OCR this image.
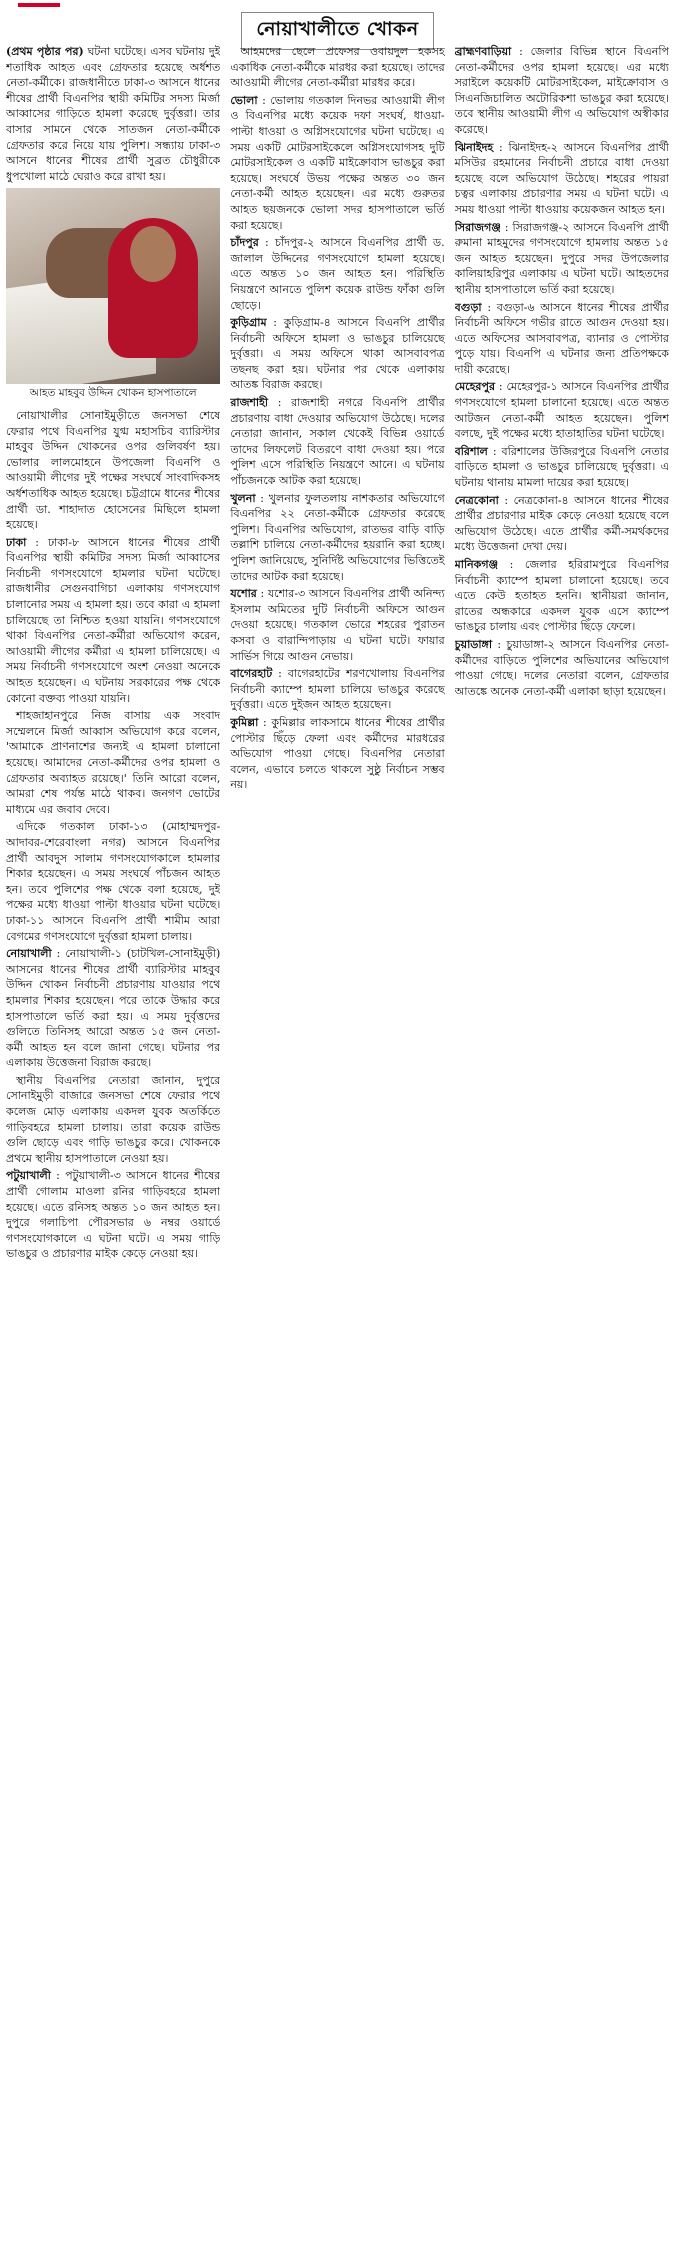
নোয়াখালীতে খোকন

(প্রথম পৃষ্ঠার পর) ঘটনা ঘটেছে। এসব ঘটনায় দুই শতাধিক আহত এবং গ্রেফতার হয়েছে অর্ধশত নেতা-কর্মীকে। রাজধানীতে ঢাকা-৩ আসনে ধানের শীষের প্রার্থী বিএনপির স্থায়ী কমিটির সদস্য মির্জা আব্বাসের গাড়িতে হামলা করেছে দুর্বৃত্তরা। তার বাসার সামনে থেকে সাতজন নেতা-কর্মীকে গ্রেফতার করে নিয়ে যায় পুলিশ। সন্ধ্যায় ঢাকা-৩ আসনে ধানের শীষের প্রার্থী সুব্রত চৌধুরীকে ধুপখোলা মাঠে ঘেরাও করে রাখা হয়।

আহত মাহবুব উদ্দিন খোকন হাসপাতালে

নোয়াখালীর সোনাইমুড়ীতে জনসভা শেষে ফেরার পথে বিএনপির যুগ্ম মহাসচিব ব্যারিস্টার মাহবুব উদ্দিন খোকনের ওপর গুলিবর্ষণ হয়। ভোলার লালমোহনে উপজেলা বিএনপি ও আওয়ামী লীগের দুই পক্ষের সংঘর্ষে সাংবাদিকসহ অর্ধশতাধিক আহত হয়েছে। চট্টগ্রামে ধানের শীষের প্রার্থী ডা. শাহাদাত হোসেনের মিছিলে হামলা হয়েছে।

ঢাকা : ঢাকা-৮ আসনে ধানের শীষের প্রার্থী বিএনপির স্থায়ী কমিটির সদস্য মির্জা আব্বাসের নির্বাচনী গণসংযোগে হামলার ঘটনা ঘটেছে। রাজধানীর সেগুনবাগিচা এলাকায় গণসংযোগ চালানোর সময় এ হামলা হয়। তবে কারা এ হামলা চালিয়েছে তা নিশ্চিত হওয়া যায়নি। গণসংযোগে থাকা বিএনপির নেতা-কর্মীরা অভিযোগ করেন, আওয়ামী লীগের কর্মীরা এ হামলা চালিয়েছে। এ সময় নির্বাচনী গণসংযোগে অংশ নেওয়া অনেকে আহত হয়েছেন। এ ঘটনায় সরকারের পক্ষ থেকে কোনো বক্তব্য পাওয়া যায়নি।

শাহজাহানপুরে নিজ বাসায় এক সংবাদ সম্মেলনে মির্জা আব্বাস অভিযোগ করে বলেন, 'আমাকে প্রাণনাশের জন্যই এ হামলা চালানো হয়েছে। আমাদের নেতা-কর্মীদের ওপর হামলা ও গ্রেফতার অব্যাহত রয়েছে।' তিনি আরো বলেন, আমরা শেষ পর্যন্ত মাঠে থাকব। জনগণ ভোটের মাধ্যমে এর জবাব দেবে।

এদিকে গতকাল ঢাকা-১৩ (মোহাম্মদপুর-আদাবর-শেরেবাংলা নগর) আসনে বিএনপির প্রার্থী আবদুস সালাম গণসংযোগকালে হামলার শিকার হয়েছেন। এ সময় সংঘর্ষে পাঁচজন আহত হন। তবে পুলিশের পক্ষ থেকে বলা হয়েছে, দুই পক্ষের মধ্যে ধাওয়া পাল্টা ধাওয়ার ঘটনা ঘটেছে। ঢাকা-১১ আসনে বিএনপি প্রার্থী শামীম আরা বেগমের গণসংযোগে দুর্বৃত্তরা হামলা চালায়।

নোয়াখালী : নোয়াখালী-১ (চাটখিল-সোনাইমুড়ী) আসনের ধানের শীষের প্রার্থী ব্যারিস্টার মাহবুব উদ্দিন খোকন নির্বাচনী প্রচারণায় যাওয়ার পথে হামলার শিকার হয়েছেন। পরে তাকে উদ্ধার করে হাসপাতালে ভর্তি করা হয়। এ সময় দুর্বৃত্তদের গুলিতে তিনিসহ আরো অন্তত ১৫ জন নেতা-কর্মী আহত হন বলে জানা গেছে। ঘটনার পর এলাকায় উত্তেজনা বিরাজ করছে।

স্থানীয় বিএনপির নেতারা জানান, দুপুরে সোনাইমুড়ী বাজারে জনসভা শেষে ফেরার পথে কলেজ মোড় এলাকায় একদল যুবক অতর্কিতে গাড়িবহরে হামলা চালায়। তারা কয়েক রাউন্ড গুলি ছোড়ে এবং গাড়ি ভাঙচুর করে। খোকনকে প্রথমে স্থানীয় হাসপাতালে নেওয়া হয়।

পটুয়াখালী : পটুয়াখালী-৩ আসনে ধানের শীষের প্রার্থী গোলাম মাওলা রনির গাড়িবহরে হামলা হয়েছে। এতে রনিসহ অন্তত ১০ জন আহত হন। দুপুরে গলাচিপা পৌরসভার ৬ নম্বর ওয়ার্ডে গণসংযোগকালে এ ঘটনা ঘটে। এ সময় গাড়ি ভাঙচুর ও প্রচারণার মাইক কেড়ে নেওয়া হয়।

আহমদের ছেলে প্রফেসর ওবায়দুল হকসহ একাধিক নেতা-কর্মীকে মারধর করা হয়েছে। তাদের আওয়ামী লীগের নেতা-কর্মীরা মারধর করে।

ভোলা : ভোলায় গতকাল দিনভর আওয়ামী লীগ ও বিএনপির মধ্যে কয়েক দফা সংঘর্ষ, ধাওয়া-পাল্টা ধাওয়া ও অগ্নিসংযোগের ঘটনা ঘটেছে। এ সময় একটি মোটরসাইকেলে অগ্নিসংযোগসহ দুটি মোটরসাইকেল ও একটি মাইক্রোবাস ভাঙচুর করা হয়েছে। সংঘর্ষে উভয় পক্ষের অন্তত ৩০ জন নেতা-কর্মী আহত হয়েছেন। এর মধ্যে গুরুতর আহত ছয়জনকে ভোলা সদর হাসপাতালে ভর্তি করা হয়েছে।

চাঁদপুর : চাঁদপুর-২ আসনে বিএনপির প্রার্থী ড. জালাল উদ্দিনের গণসংযোগে হামলা হয়েছে। এতে অন্তত ১০ জন আহত হন। পরিস্থিতি নিয়ন্ত্রণে আনতে পুলিশ কয়েক রাউন্ড ফাঁকা গুলি ছোড়ে।

কুড়িগ্রাম : কুড়িগ্রাম-৪ আসনে বিএনপি প্রার্থীর নির্বাচনী অফিসে হামলা ও ভাঙচুর চালিয়েছে দুর্বৃত্তরা। এ সময় অফিসে থাকা আসবাবপত্র তছনছ করা হয়। ঘটনার পর থেকে এলাকায় আতঙ্ক বিরাজ করছে।

রাজশাহী : রাজশাহী নগরে বিএনপি প্রার্থীর প্রচারণায় বাধা দেওয়ার অভিযোগ উঠেছে। দলের নেতারা জানান, সকাল থেকেই বিভিন্ন ওয়ার্ডে তাদের লিফলেট বিতরণে বাধা দেওয়া হয়। পরে পুলিশ এসে পরিস্থিতি নিয়ন্ত্রণে আনে। এ ঘটনায় পাঁচজনকে আটক করা হয়েছে।

খুলনা : খুলনার ফুলতলায় নাশকতার অভিযোগে বিএনপির ২২ নেতা-কর্মীকে গ্রেফতার করেছে পুলিশ। বিএনপির অভিযোগ, রাতভর বাড়ি বাড়ি তল্লাশি চালিয়ে নেতা-কর্মীদের হয়রানি করা হচ্ছে। পুলিশ জানিয়েছে, সুনির্দিষ্ট অভিযোগের ভিত্তিতেই তাদের আটক করা হয়েছে।

যশোর : যশোর-৩ আসনে বিএনপির প্রার্থী অনিন্দ্য ইসলাম অমিতের দুটি নির্বাচনী অফিসে আগুন দেওয়া হয়েছে। গতকাল ভোরে শহরের পুরাতন কসবা ও বারান্দিপাড়ায় এ ঘটনা ঘটে। ফায়ার সার্ভিস গিয়ে আগুন নেভায়।

বাগেরহাট : বাগেরহাটের শরণখোলায় বিএনপির নির্বাচনী ক্যাম্পে হামলা চালিয়ে ভাঙচুর করেছে দুর্বৃত্তরা। এতে দুইজন আহত হয়েছেন।

কুমিল্লা : কুমিল্লার লাকসামে ধানের শীষের প্রার্থীর পোস্টার ছিঁড়ে ফেলা এবং কর্মীদের মারধরের অভিযোগ পাওয়া গেছে। বিএনপির নেতারা বলেন, এভাবে চলতে থাকলে সুষ্ঠু নির্বাচন সম্ভব নয়।

ব্রাহ্মণবাড়িয়া : জেলার বিভিন্ন স্থানে বিএনপি নেতা-কর্মীদের ওপর হামলা হয়েছে। এর মধ্যে সরাইলে কয়েকটি মোটরসাইকেল, মাইক্রোবাস ও সিএনজিচালিত অটোরিকশা ভাঙচুর করা হয়েছে। তবে স্থানীয় আওয়ামী লীগ এ অভিযোগ অস্বীকার করেছে।

ঝিনাইদহ : ঝিনাইদহ-২ আসনে বিএনপির প্রার্থী মসিউর রহমানের নির্বাচনী প্রচারে বাধা দেওয়া হয়েছে বলে অভিযোগ উঠেছে। শহরের পায়রা চত্বর এলাকায় প্রচারণার সময় এ ঘটনা ঘটে। এ সময় ধাওয়া পাল্টা ধাওয়ায় কয়েকজন আহত হন।

সিরাজগঞ্জ : সিরাজগঞ্জ-২ আসনে বিএনপি প্রার্থী রুমানা মাহমুদের গণসংযোগে হামলায় অন্তত ১৫ জন আহত হয়েছেন। দুপুরে সদর উপজেলার কালিয়াহরিপুর এলাকায় এ ঘটনা ঘটে। আহতদের স্থানীয় হাসপাতালে ভর্তি করা হয়েছে।

বগুড়া : বগুড়া-৬ আসনে ধানের শীষের প্রার্থীর নির্বাচনী অফিসে গভীর রাতে আগুন দেওয়া হয়। এতে অফিসের আসবাবপত্র, ব্যানার ও পোস্টার পুড়ে যায়। বিএনপি এ ঘটনার জন্য প্রতিপক্ষকে দায়ী করেছে।

মেহেরপুর : মেহেরপুর-১ আসনে বিএনপির প্রার্থীর গণসংযোগে হামলা চালানো হয়েছে। এতে অন্তত আটজন নেতা-কর্মী আহত হয়েছেন। পুলিশ বলছে, দুই পক্ষের মধ্যে হাতাহাতির ঘটনা ঘটেছে।

বরিশাল : বরিশালের উজিরপুরে বিএনপি নেতার বাড়িতে হামলা ও ভাঙচুর চালিয়েছে দুর্বৃত্তরা। এ ঘটনায় থানায় মামলা দায়ের করা হয়েছে।

নেত্রকোনা : নেত্রকোনা-৪ আসনে ধানের শীষের প্রার্থীর প্রচারণার মাইক কেড়ে নেওয়া হয়েছে বলে অভিযোগ উঠেছে। এতে প্রার্থীর কর্মী-সমর্থকদের মধ্যে উত্তেজনা দেখা দেয়।

মানিকগঞ্জ : জেলার হরিরামপুরে বিএনপির নির্বাচনী ক্যাম্পে হামলা চালানো হয়েছে। তবে এতে কেউ হতাহত হননি। স্থানীয়রা জানান, রাতের অন্ধকারে একদল যুবক এসে ক্যাম্পে ভাঙচুর চালায় এবং পোস্টার ছিঁড়ে ফেলে।

চুয়াডাঙ্গা : চুয়াডাঙ্গা-২ আসনে বিএনপির নেতা-কর্মীদের বাড়িতে পুলিশের অভিযানের অভিযোগ পাওয়া গেছে। দলের নেতারা বলেন, গ্রেফতার আতঙ্কে অনেক নেতা-কর্মী এলাকা ছাড়া হয়েছেন।
